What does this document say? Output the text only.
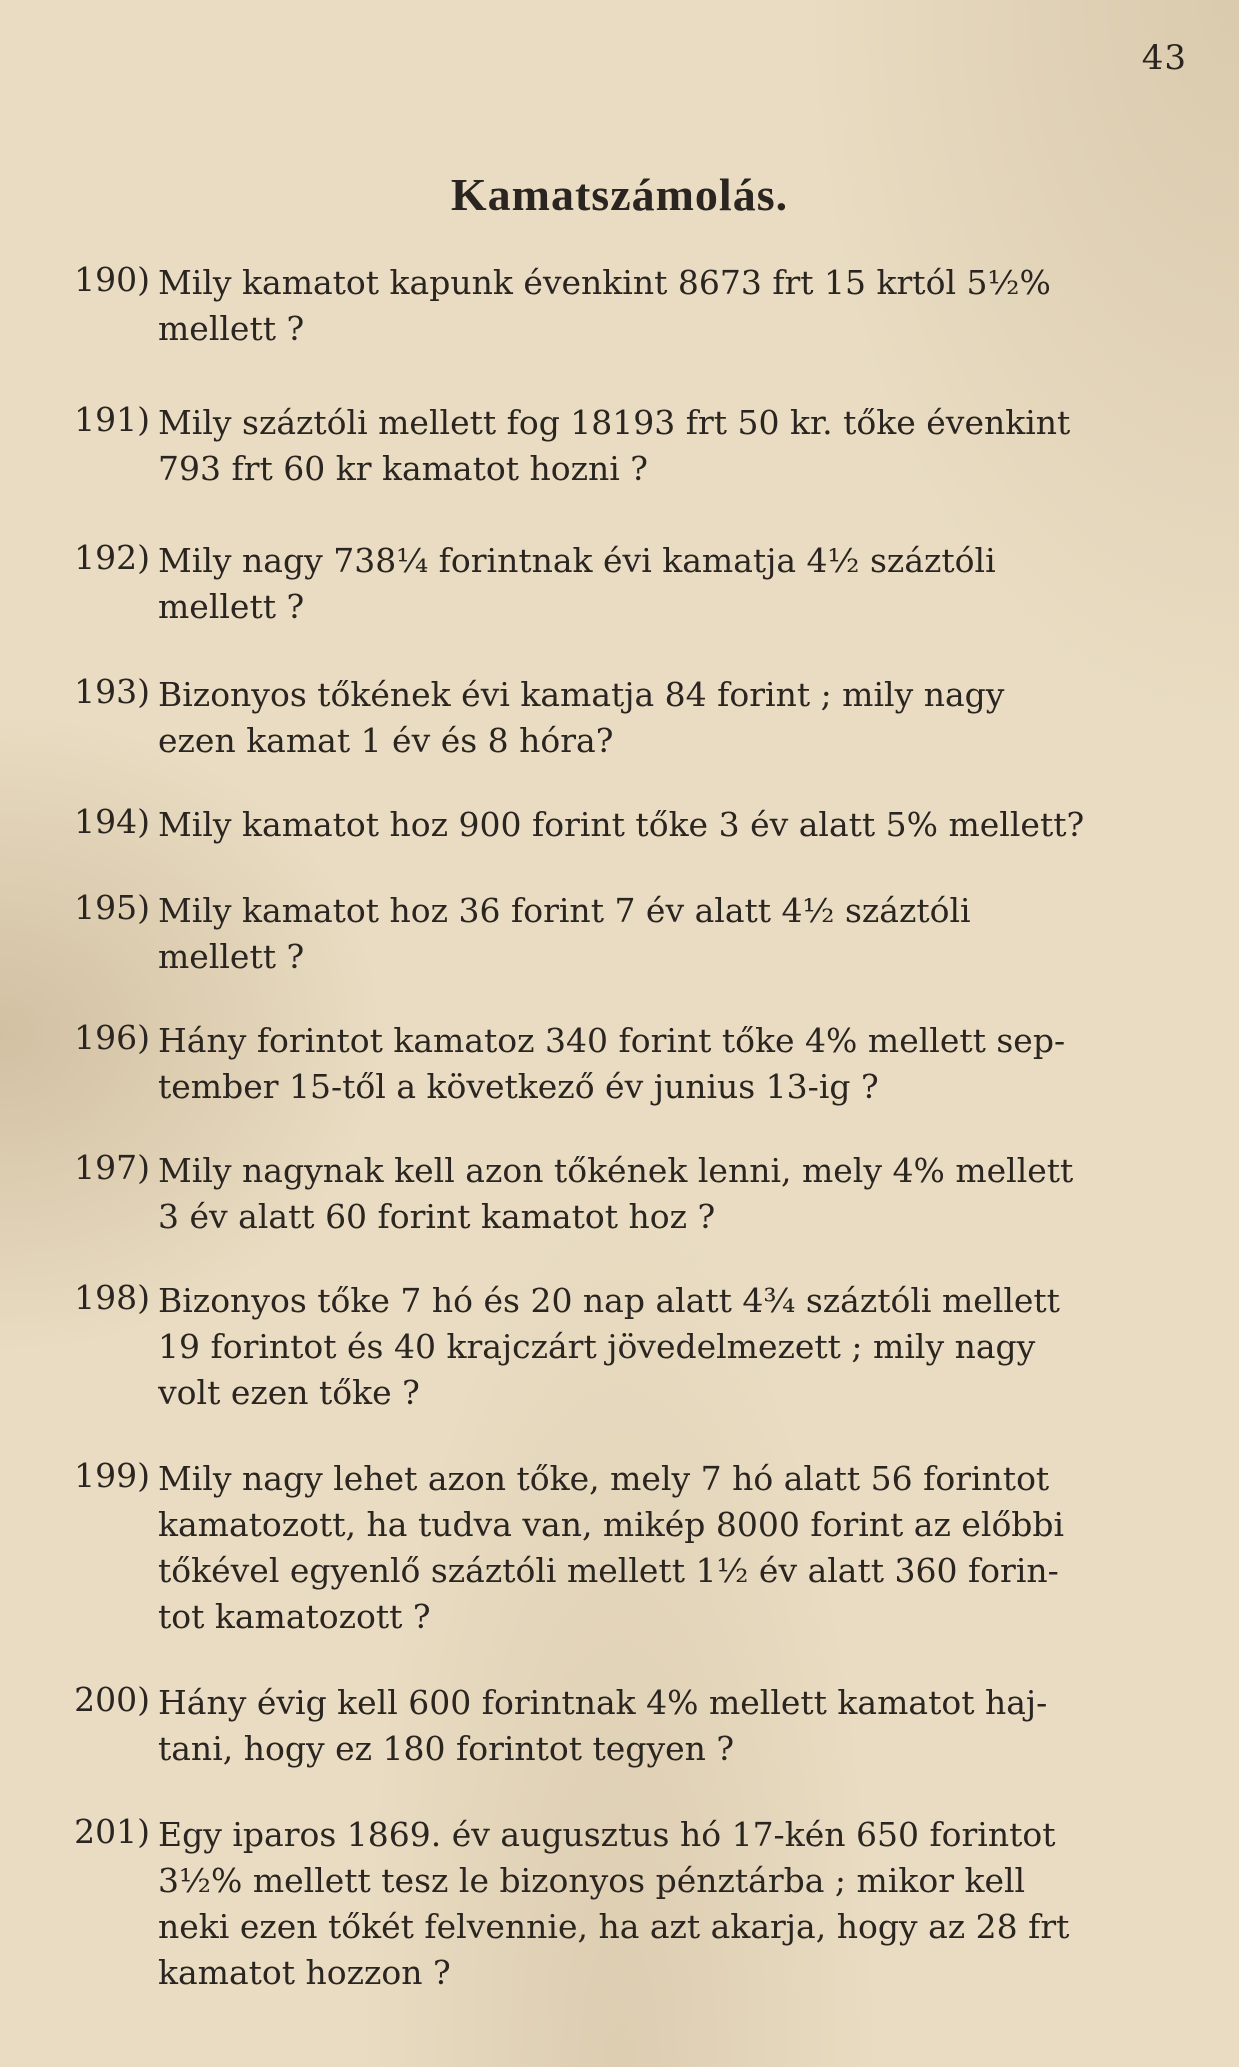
43
Kamatszámolás.
190) Mily kamatot kapunk évenkint 8673 frt 15 krtól 5½%
mellett ?
191) Mily száztóli mellett fog 18193 frt 50 kr. tőke évenkint
793 frt 60 kr kamatot hozni ?
192) Mily nagy 738¼ forintnak évi kamatja 4½ száztóli
mellett ?
193) Bizonyos tőkének évi kamatja 84 forint ; mily nagy
ezen kamat 1 év és 8 hóra?
194) Mily kamatot hoz 900 forint tőke 3 év alatt 5% mellett?
195) Mily kamatot hoz 36 forint 7 év alatt 4½ száztóli
mellett ?
196) Hány forintot kamatoz 340 forint tőke 4% mellett sep-
tember 15-től a következő év junius 13-ig ?
197) Mily nagynak kell azon tőkének lenni, mely 4% mellett
3 év alatt 60 forint kamatot hoz ?
198) Bizonyos tőke 7 hó és 20 nap alatt 4¾ száztóli mellett
19 forintot és 40 krajczárt jövedelmezett ; mily nagy
volt ezen tőke ?
199) Mily nagy lehet azon tőke, mely 7 hó alatt 56 forintot
kamatozott, ha tudva van, mikép 8000 forint az előbbi
tőkével egyenlő száztóli mellett 1½ év alatt 360 forin-
tot kamatozott ?
200) Hány évig kell 600 forintnak 4% mellett kamatot haj-
tani, hogy ez 180 forintot tegyen ?
201) Egy iparos 1869. év augusztus hó 17-kén 650 forintot
3½% mellett tesz le bizonyos pénztárba ; mikor kell
neki ezen tőkét felvennie, ha azt akarja, hogy az 28 frt
kamatot hozzon ?
